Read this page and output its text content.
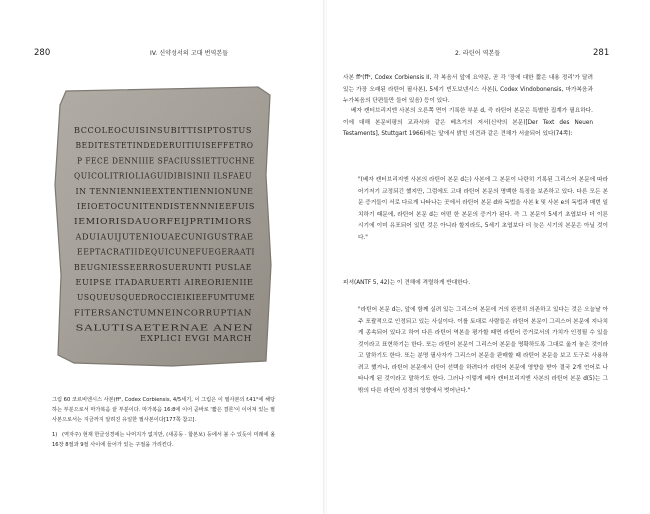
280	IV. 신약성서의 고대 번역본들
BCCOLEOCUISINSUBITTISIPTOSTUS
BEDITESTETINDEDERUITIUISEFFETRO
P FECE DENNIIIE SFACIUSSIETTUCHNE
QUICOLITRIOLIAGUIDIBISINII ILSFAEU
IN TENNIENNIEEXTENTIENNIONUNE
IEIOETOCUNITENDISTENNNIEEFUIS
IEMIORISDAUORFEIJPRTIMIORS
ADUIAUIJUTENIOUAECUNIGUSTRAE
EEPTACRATIIDEQUICUNEFUEGERAATI
BEUGNIESSEERROSUERUNTI PUSLAE
EUIPSE ITADARUERTI AIREORIENIIE
USQUEUSQUEDROCCIEIKIEEFUMTUME
FITERSANCTUMNEINCORRUPTIAN
SALUTISAETERNAE ANEN
EXPLICI EVGI MARCH
그림 60 코르비엔시스 사본(ff², Codex Corbiensis, 4/5세기, 이 그림은 이 필사본의 f.41°에 해당하는 부분으로서 마가복음 끝 부분이다. 마가복음 16:8에 이어 곧바로 '짧은 결론'이 이어져 있는 필사본으로서는 지금까지 알려진 유일한 필사본이다[177쪽 참고].
1) (역자주) 현재 한글성경에는 나머지가 없지만, (새공동 · 합본보) 등에서 볼 수 있듯이 미래에 올 16장 8절과 9절 사이에 들어가 있는 구절을 가리킨다.
2. 라틴어 역본들	281

사본 ff²(ff², Codex Corbiensis II, 각 복음서 앞에 요약문, 곧 각 '장에 대한 짧은 내용 정리'가 달려 있는 가장 오래된 라틴어 필사본), 5세기 빈도보넨시스 사본(i, Codex Vindobonensis, 마가복음과 누가복음의 단편들만 들어 있음) 등이 있다.

베자 캔터브리지엔 사본의 오른쪽 면이 기록한 부분 d, 즉 라틴어 본문은 특별한 집계가 필요하다. 이에 대해 본문비평의 교과서와 같은 베츠거의 저서(신약의 본문)[Der Text des Neuen Testaments], Stuttgart 1966)에는 앞에서 밝힌 의견과 같은 견해가 서술되어 있다(74쪽):

"(베자 캔터브리지엔 사본의 라틴어 본문 d는) 사본에 그 본문이 나란히 기록된 그리스어 본문에 따라 어기저기 교정되긴 했지만, 그럼에도 고대 라틴어 본문의 명백한 특징을 보존하고 있다. 다른 모든 본문 증거들이 서로 다르게 나타나는 곳에서 라틴어 본문 d와 독법을 사본 k 및 사본 e의 독법과 매번 일치하기 때문에, 라틴어 본문 d는 어떤 한 본문의 증거가 된다. 즉 그 본문이 5세기 초엽보다 더 이른 시기에 이미 유포되어 있던 것은 아니라 할지라도, 5세기 초엽보다 더 늦은 시기의 본문은 아닐 것이다."

피셔(ANTF 5, 42)는 이 견해에 격렬하게 반대한다.

"라틴어 본문 d는, 앞에 함께 실려 있는 그리스어 본문에 거의 완전히 의존하고 있다는 것은 오늘날 아주 포괄적으로 인정되고 있는 사실이다. 이를 토대로 사람들은 라틴어 본문이 그리스어 본문에 지나치게 종속되어 있다고 하여 다른 라틴어 역본을 평가할 때면 라틴어 증거로서의 가치가 인정될 수 있을 것이라고 표현하기는 한다. 또는 라틴어 본문이 그리스어 본문을 명확하도록 그대로 옮겨 놓은 것이라고 말하기도 한다. 또는 분명 필사자가 그리스어 본문을 판매할 때 라틴어 본문을 보고 도구로 사용하려고 했거나, 라틴어 본문에서 단어 선택을 하려다가 라틴어 본문에 영향을 받아 결국 2개 언어로 나타나게 된 것이라고 말하기도 한다. 그러나 이렇게 베자 캔터브리지엔 사본의 라틴어 본문 d(5)는 그 밖의 다른 라틴어 성경의 영향에서 벗어난다."
